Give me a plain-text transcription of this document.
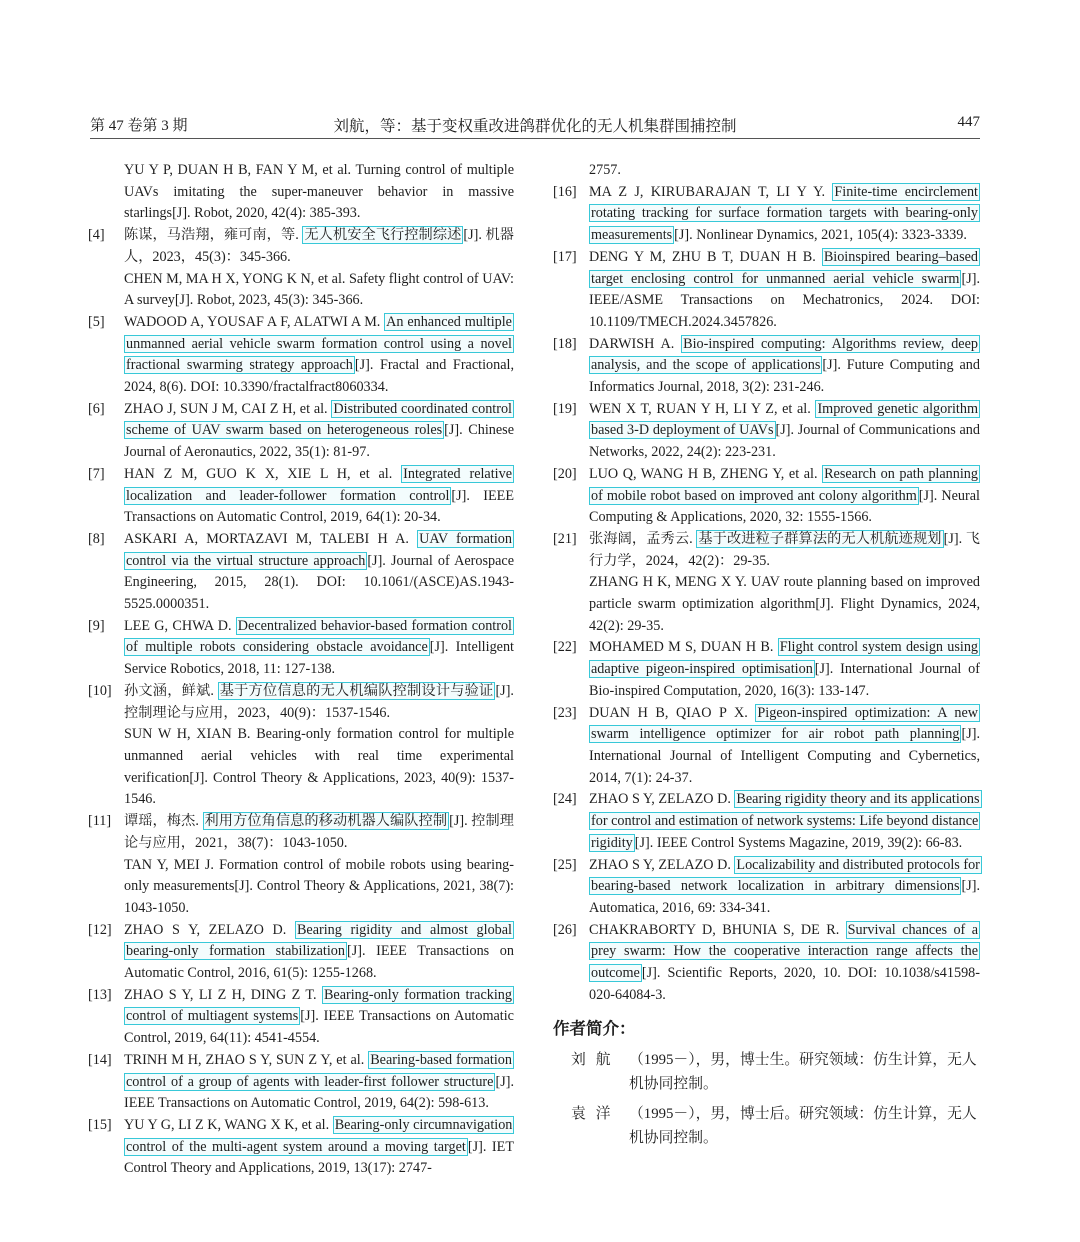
第 47 卷第 3 期	刘航，等：基于变权重改进鸽群优化的无人机集群围捕控制	447

YU Y P, DUAN H B, FAN Y M, et al. Turning control of multiple UAVs imitating the super-maneuver behavior in massive starlings[J]. Robot, 2020, 42(4): 385-393.

[4] 陈谋，马浩翔，雍可南，等. 无人机安全飞行控制综述 [J]. 机器人，2023，45(3)：345-366.
CHEN M, MA H X, YONG K N, et al. Safety flight control of UAV: A survey[J]. Robot, 2023, 45(3): 345-366.
[5] WADOOD A, YOUSAF A F, ALATWI A M. An enhanced multiple unmanned aerial vehicle swarm formation control using a novel fractional swarming strategy approach [J]. Fractal and Fractional, 2024, 8(6). DOI: 10.3390/fractalfract8060334.
[6] ZHAO J, SUN J M, CAI Z H, et al. Distributed coordinated control scheme of UAV swarm based on heterogeneous roles [J]. Chinese Journal of Aeronautics, 2022, 35(1): 81-97.
[7] HAN Z M, GUO K X, XIE L H, et al. Integrated relative localization and leader-follower formation control [J]. IEEE Transactions on Automatic Control, 2019, 64(1): 20-34.
[8] ASKARI A, MORTAZAVI M, TALEBI H A. UAV formation control via the virtual structure approach [J]. Journal of Aerospace Engineering, 2015, 28(1). DOI: 10.1061/(ASCE)AS.1943-5525.0000351.
[9] LEE G, CHWA D. Decentralized behavior-based formation control of multiple robots considering obstacle avoidance [J]. Intelligent Service Robotics, 2018, 11: 127-138.
[10] 孙文涵，鲜斌. 基于方位信息的无人机编队控制设计与验证 [J]. 控制理论与应用，2023，40(9)：1537-1546.
SUN W H, XIAN B. Bearing-only formation control for multiple unmanned aerial vehicles with real time experimental verification[J]. Control Theory & Applications, 2023, 40(9): 1537-1546.
[11] 谭瑶，梅杰. 利用方位角信息的移动机器人编队控制 [J]. 控制理论与应用，2021，38(7)：1043-1050.
TAN Y, MEI J. Formation control of mobile robots using bearing-only measurements[J]. Control Theory & Applications, 2021, 38(7): 1043-1050.
[12] ZHAO S Y, ZELAZO D. Bearing rigidity and almost global bearing-only formation stabilization [J]. IEEE Transactions on Automatic Control, 2016, 61(5): 1255-1268.
[13] ZHAO S Y, LI Z H, DING Z T. Bearing-only formation tracking control of multiagent systems [J]. IEEE Transactions on Automatic Control, 2019, 64(11): 4541-4554.
[14] TRINH M H, ZHAO S Y, SUN Z Y, et al. Bearing-based formation control of a group of agents with leader-first follower structure [J]. IEEE Transactions on Automatic Control, 2019, 64(2): 598-613.
[15] YU Y G, LI Z K, WANG X K, et al. Bearing-only circumnavigation control of the multi-agent system around a moving target [J]. IET Control Theory and Applications, 2019, 13(17): 2747-

2757.

[16] MA Z J, KIRUBARAJAN T, LI Y Y. Finite-time encirclement rotating tracking for surface formation targets with bearing-only measurements [J]. Nonlinear Dynamics, 2021, 105(4): 3323-3339.
[17] DENG Y M, ZHU B T, DUAN H B. Bioinspired bearing–based target enclosing control for unmanned aerial vehicle swarm [J]. IEEE/ASME Transactions on Mechatronics, 2024. DOI: 10.1109/TMECH.2024.3457826.
[18] DARWISH A. Bio-inspired computing: Algorithms review, deep analysis, and the scope of applications [J]. Future Computing and Informatics Journal, 2018, 3(2): 231-246.
[19] WEN X T, RUAN Y H, LI Y Z, et al. Improved genetic algorithm based 3-D deployment of UAVs [J]. Journal of Communications and Networks, 2022, 24(2): 223-231.
[20] LUO Q, WANG H B, ZHENG Y, et al. Research on path planning of mobile robot based on improved ant colony algorithm [J]. Neural Computing & Applications, 2020, 32: 1555-1566.
[21] 张海阔，孟秀云. 基于改进粒子群算法的无人机航迹规划 [J]. 飞行力学，2024，42(2)：29-35.
ZHANG H K, MENG X Y. UAV route planning based on improved particle swarm optimization algorithm[J]. Flight Dynamics, 2024, 42(2): 29-35.
[22] MOHAMED M S, DUAN H B. Flight control system design using adaptive pigeon-inspired optimisation [J]. International Journal of Bio-inspired Computation, 2020, 16(3): 133-147.
[23] DUAN H B, QIAO P X. Pigeon-inspired optimization: A new swarm intelligence optimizer for air robot path planning [J]. International Journal of Intelligent Computing and Cybernetics, 2014, 7(1): 24-37.
[24] ZHAO S Y, ZELAZO D. Bearing rigidity theory and its applications for control and estimation of network systems: Life beyond distance rigidity [J]. IEEE Control Systems Magazine, 2019, 39(2): 66-83.
[25] ZHAO S Y, ZELAZO D. Localizability and distributed protocols for bearing-based network localization in arbitrary dimensions [J]. Automatica, 2016, 69: 334-341.
[26] CHAKRABORTY D, BHUNIA S, DE R. Survival chances of a prey swarm: How the cooperative interaction range affects the outcome [J]. Scientific Reports, 2020, 10. DOI: 10.1038/s41598-020-64084-3.
作者简介：
刘航 （1995－），男，博士生。研究领域：仿生计算，无人机协同控制。
袁洋 （1995－），男，博士后。研究领域：仿生计算，无人机协同控制。
